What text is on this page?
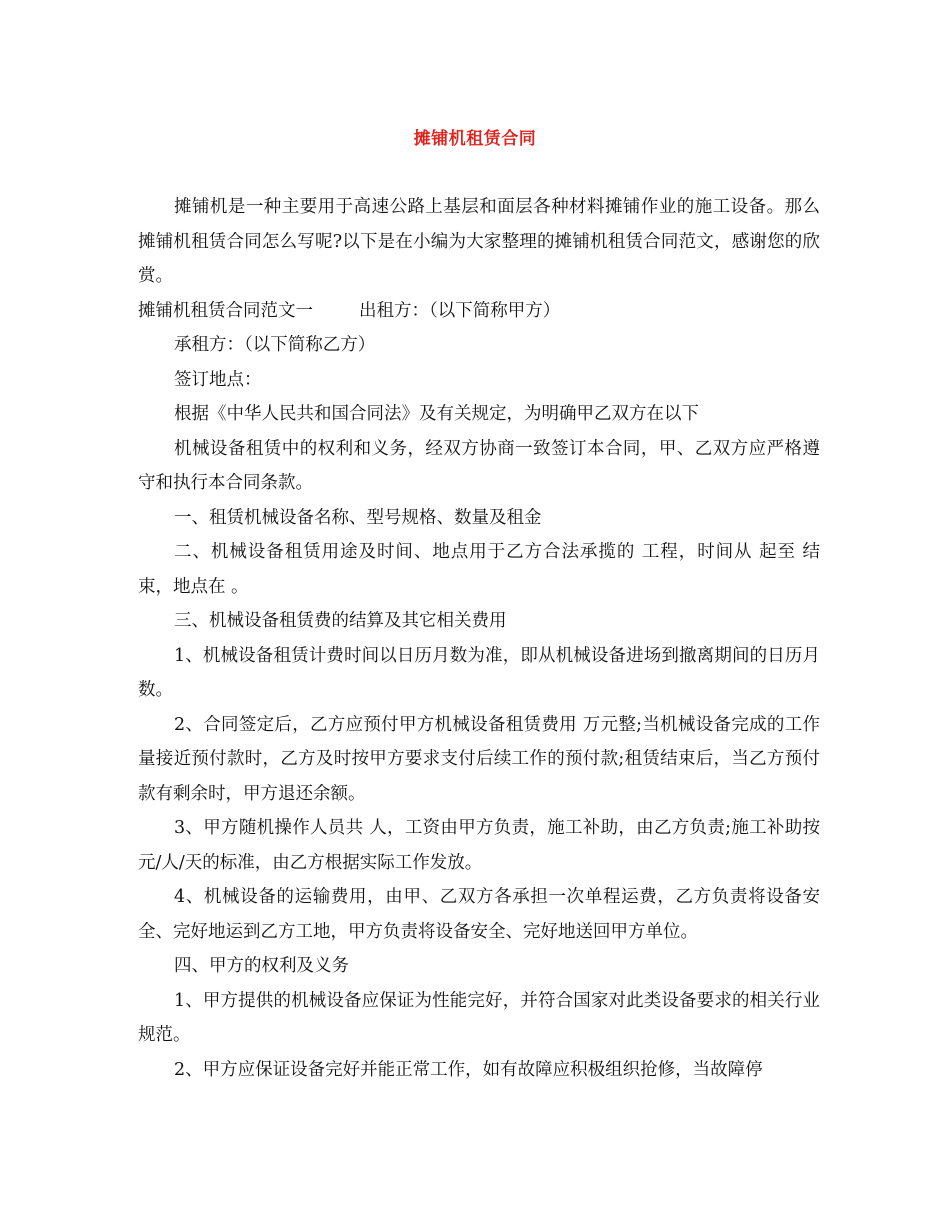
摊铺机租赁合同

摊铺机是一种主要用于高速公路上基层和面层各种材料摊铺作业的施工设备。那么摊铺机租赁合同怎么写呢?以下是在小编为大家整理的摊铺机租赁合同范文，感谢您的欣赏。

摊铺机租赁合同范文一	出租方：（以下简称甲方）

承租方：（以下简称乙方）

签订地点：

根据《中华人民共和国合同法》及有关规定，为明确甲乙双方在以下

机械设备租赁中的权利和义务，经双方协商一致签订本合同，甲、乙双方应严格遵守和执行本合同条款。

一、租赁机械设备名称、型号规格、数量及租金

二、机械设备租赁用途及时间、地点用于乙方合法承揽的 工程，时间从 起至 结束，地点在 。

三、机械设备租赁费的结算及其它相关费用

1、机械设备租赁计费时间以日历月数为准，即从机械设备进场到撤离期间的日历月数。

2、合同签定后，乙方应预付甲方机械设备租赁费用 万元整;当机械设备完成的工作量接近预付款时，乙方及时按甲方要求支付后续工作的预付款;租赁结束后，当乙方预付款有剩余时，甲方退还余额。

3、甲方随机操作人员共 人，工资由甲方负责，施工补助，由乙方负责;施工补助按 元/人/天的标准，由乙方根据实际工作发放。

4、机械设备的运输费用，由甲、乙双方各承担一次单程运费，乙方负责将设备安全、完好地运到乙方工地，甲方负责将设备安全、完好地送回甲方单位。

四、甲方的权利及义务

1、甲方提供的机械设备应保证为性能完好，并符合国家对此类设备要求的相关行业规范。

2、甲方应保证设备完好并能正常工作，如有故障应积极组织抢修，当故障停
